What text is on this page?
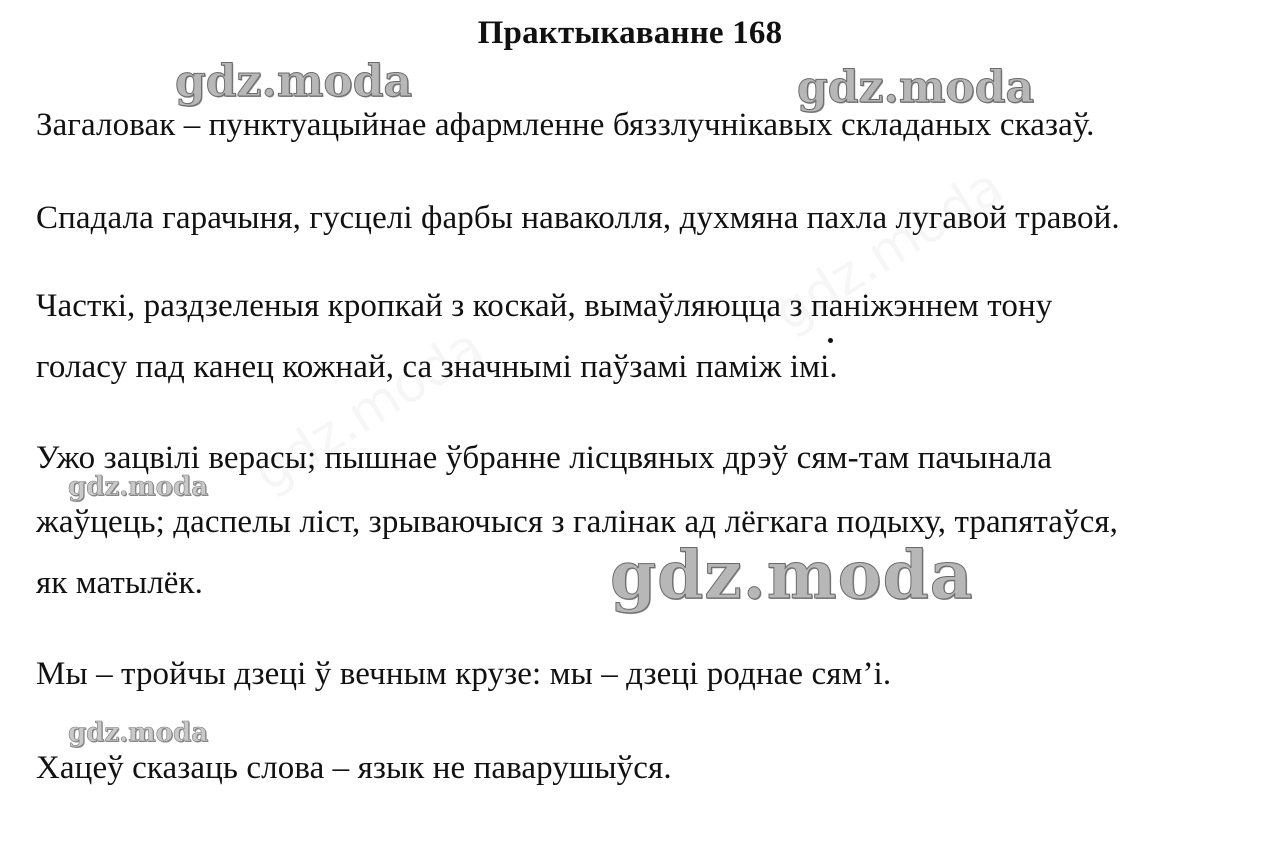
Практыкаванне 168
gdz.moda	gdz.moda
Загаловак – пунктуацыйнае афармленне бяззлучнікавых складаных сказаў.
Спадала гарачыня, гусцелі фарбы наваколля, духмяна пахла лугавой травой.
Часткі, раздзеленыя кропкай з коскай, вымаўляюцца з паніжэннем тону
голасу пад канец кожнай, са значнымі паўзамі паміж імі.
Ужо зацвілі верасы; пышнае ўбранне лісцвяных дрэў сям-там пачынала
gdz.moda
жаўцець; даспелы ліст, зрываючыся з галінак ад лёгкага подыху, трапятаўся,
як матылёк.	gdz.moda
Мы – тройчы дзеці ў вечным крузе: мы – дзеці роднае сям’і.
gdz.moda
Хацеў сказаць слова – язык не паварушыўся.
